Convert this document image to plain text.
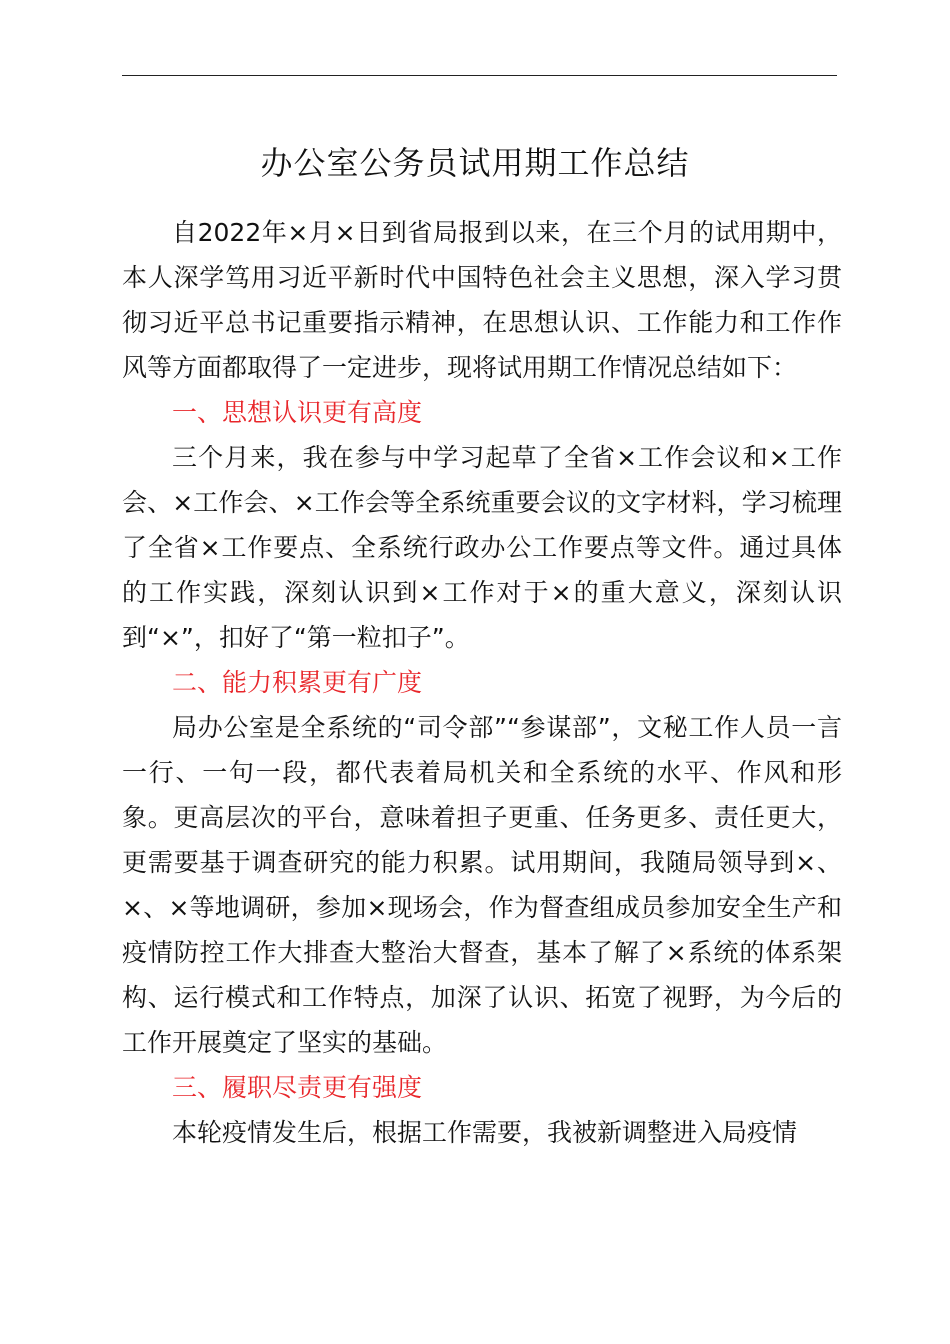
办公室公务员试用期工作总结

自2022年×月×日到省局报到以来，在三个月的试用期中，本人深学笃用习近平新时代中国特色社会主义思想，深入学习贯彻习近平总书记重要指示精神，在思想认识、工作能力和工作作风等方面都取得了一定进步，现将试用期工作情况总结如下：

一、思想认识更有高度

三个月来，我在参与中学习起草了全省×工作会议和×工作会、×工作会、×工作会等全系统重要会议的文字材料，学习梳理了全省×工作要点、全系统行政办公工作要点等文件。通过具体的工作实践，深刻认识到×工作对于×的重大意义，深刻认识到“×”，扣好了“第一粒扣子”。

二、能力积累更有广度

局办公室是全系统的“司令部”“参谋部”，文秘工作人员一言一行、一句一段，都代表着局机关和全系统的水平、作风和形象。更高层次的平台，意味着担子更重、任务更多、责任更大，更需要基于调查研究的能力积累。试用期间，我随局领导到×、×、×等地调研，参加×现场会，作为督查组成员参加安全生产和疫情防控工作大排查大整治大督查，基本了解了×系统的体系架构、运行模式和工作特点，加深了认识、拓宽了视野，为今后的工作开展奠定了坚实的基础。

三、履职尽责更有强度

本轮疫情发生后，根据工作需要，我被新调整进入局疫情
